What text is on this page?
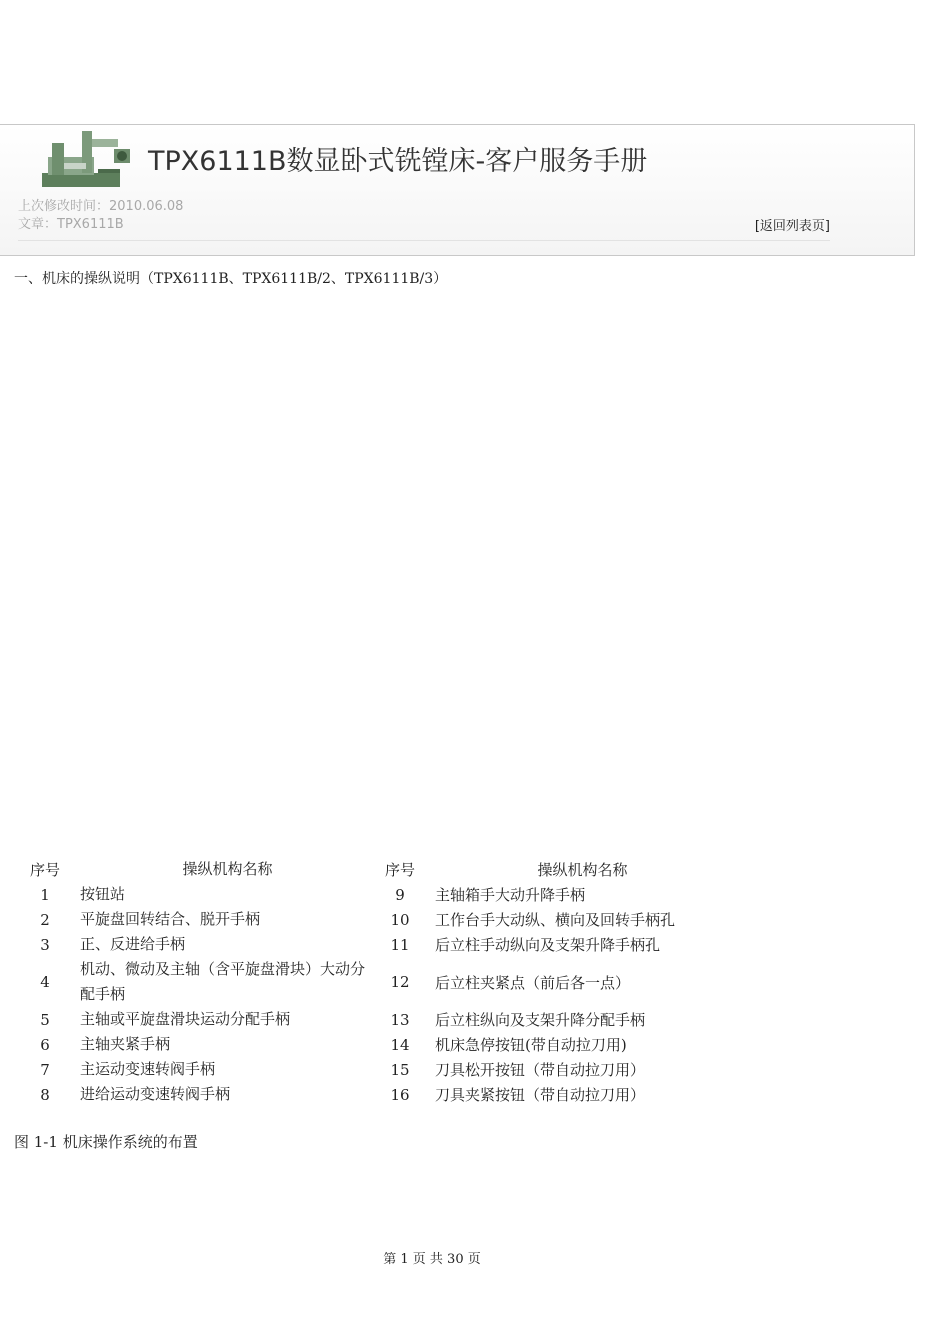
TPX6111B数显卧式铣镗床-客户服务手册
上次修改时间：2010.06.08
文章：TPX6111B	[返回列表页]
一、机床的操纵说明（TPX6111B、TPX6111B/2、TPX6111B/3）
序号	操纵机构名称	序号	操纵机构名称
1	按钮站	9	主轴箱手大动升降手柄
2	平旋盘回转结合、脱开手柄	10	工作台手大动纵、横向及回转手柄孔
3	正、反进给手柄	11	后立柱手动纵向及支架升降手柄孔
4	机动、微动及主轴（含平旋盘滑块）大动分配手柄	12	后立柱夹紧点（前后各一点）
5	主轴或平旋盘滑块运动分配手柄	13	后立柱纵向及支架升降分配手柄
6	主轴夹紧手柄	14	机床急停按钮(带自动拉刀用)
7	主运动变速转阀手柄	15	刀具松开按钮（带自动拉刀用）
8	进给运动变速转阀手柄	16	刀具夹紧按钮（带自动拉刀用）
图 1-1 机床操作系统的布置
第 1 页 共 30 页
